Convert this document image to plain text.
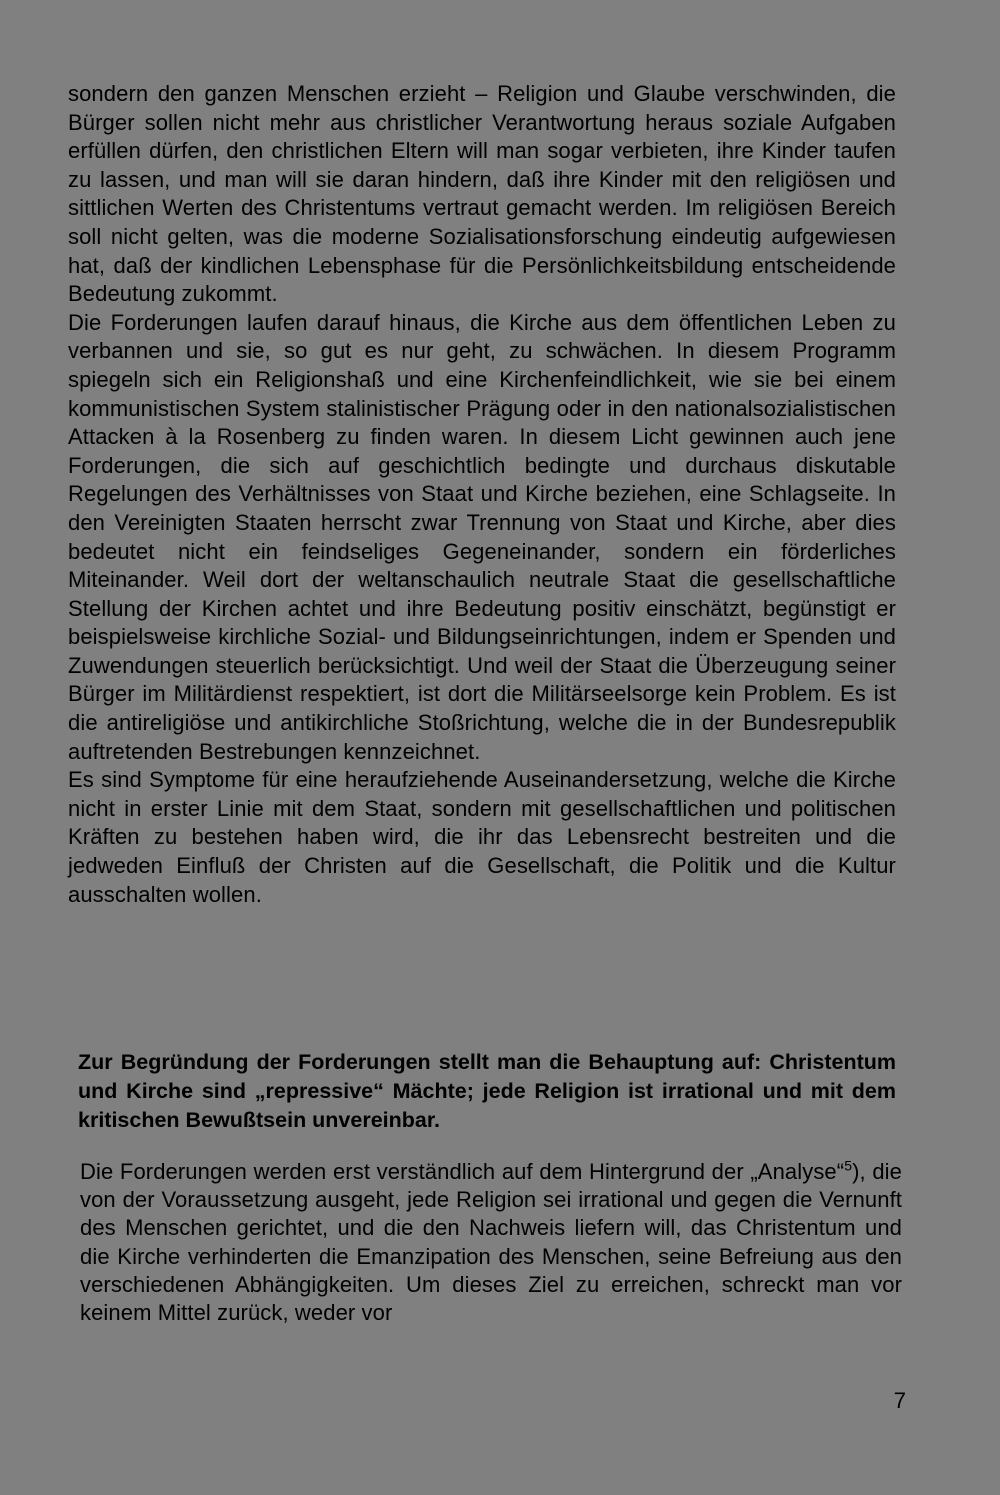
sondern den ganzen Menschen erzieht – Religion und Glaube verschwinden, die Bürger sollen nicht mehr aus christlicher Verantwortung heraus soziale Aufgaben erfüllen dürfen, den christlichen Eltern will man sogar verbieten, ihre Kinder taufen zu lassen, und man will sie daran hindern, daß ihre Kinder mit den religiösen und sittlichen Werten des Christentums vertraut gemacht werden. Im religiösen Bereich soll nicht gelten, was die moderne Sozialisationsforschung eindeutig aufgewiesen hat, daß der kindlichen Lebensphase für die Persönlichkeitsbildung entscheidende Bedeutung zukommt.

Die Forderungen laufen darauf hinaus, die Kirche aus dem öffentlichen Leben zu verbannen und sie, so gut es nur geht, zu schwächen. In diesem Programm spiegeln sich ein Religionshaß und eine Kirchenfeindlichkeit, wie sie bei einem kommunistischen System stalinistischer Prägung oder in den nationalsozialistischen Attacken à la Rosenberg zu finden waren. In diesem Licht gewinnen auch jene Forderungen, die sich auf geschichtlich bedingte und durchaus diskutable Regelungen des Verhältnisses von Staat und Kirche beziehen, eine Schlagseite. In den Vereinigten Staaten herrscht zwar Trennung von Staat und Kirche, aber dies bedeutet nicht ein feindseliges Gegeneinander, sondern ein förderliches Miteinander. Weil dort der weltanschaulich neutrale Staat die gesellschaftliche Stellung der Kirchen achtet und ihre Bedeutung positiv einschätzt, begünstigt er beispielsweise kirchliche Sozial- und Bildungseinrichtungen, indem er Spenden und Zuwendungen steuerlich berücksichtigt. Und weil der Staat die Überzeugung seiner Bürger im Militärdienst respektiert, ist dort die Militärseelsorge kein Problem. Es ist die antireligiöse und antikirchliche Stoßrichtung, welche die in der Bundesrepublik auftretenden Bestrebungen kennzeichnet.

Es sind Symptome für eine heraufziehende Auseinandersetzung, welche die Kirche nicht in erster Linie mit dem Staat, sondern mit gesellschaftlichen und politischen Kräften zu bestehen haben wird, die ihr das Lebensrecht bestreiten und die jedweden Einfluß der Christen auf die Gesellschaft, die Politik und die Kultur ausschalten wollen.

Zur Begründung der Forderungen stellt man die Behauptung auf: Christentum und Kirche sind „repressive“ Mächte; jede Religion ist irrational und mit dem kritischen Bewußtsein unvereinbar.

Die Forderungen werden erst verständlich auf dem Hintergrund der „Analyse“$^5$), die von der Voraussetzung ausgeht, jede Religion sei irrational und gegen die Vernunft des Menschen gerichtet, und die den Nachweis liefern will, das Christentum und die Kirche verhinderten die Emanzipation des Menschen, seine Befreiung aus den verschiedenen Abhängigkeiten. Um dieses Ziel zu erreichen, schreckt man vor keinem Mittel zurück, weder vor

7
